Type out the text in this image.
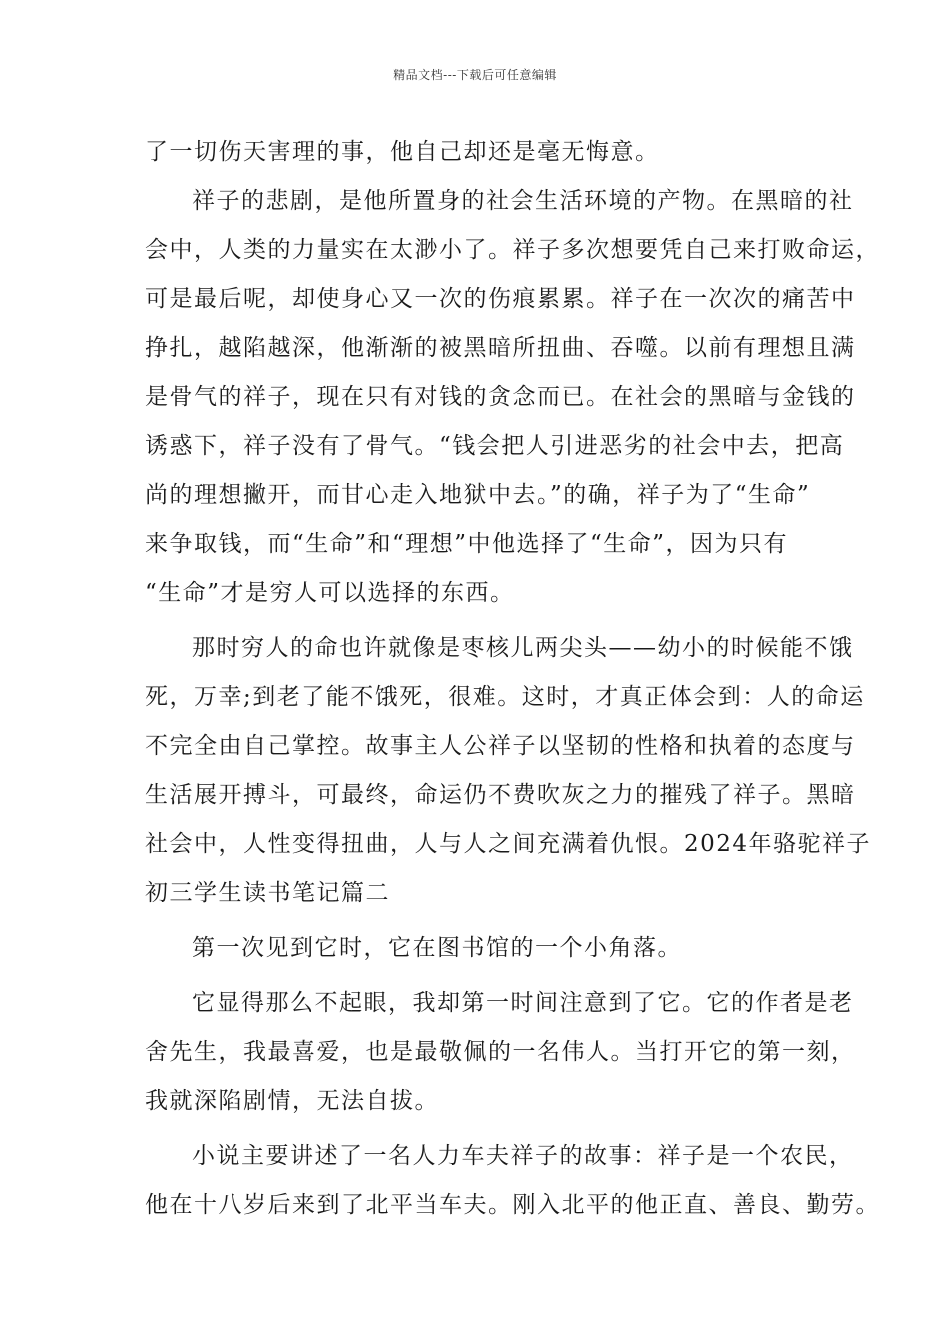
精品文档---下载后可任意编辑
了一切伤天害理的事，他自己却还是毫无悔意。
祥子的悲剧，是他所置身的社会生活环境的产物。在黑暗的社
会中，人类的力量实在太渺小了。祥子多次想要凭自己来打败命运，
可是最后呢，却使身心又一次的伤痕累累。祥子在一次次的痛苦中
挣扎，越陷越深，他渐渐的被黑暗所扭曲、吞噬。以前有理想且满
是骨气的祥子，现在只有对钱的贪念而已。在社会的黑暗与金钱的
诱惑下，祥子没有了骨气。“钱会把人引进恶劣的社会中去，把高
尚的理想撇开，而甘心走入地狱中去。”的确，祥子为了“生命”
来争取钱，而“生命”和“理想”中他选择了“生命”，因为只有
“生命”才是穷人可以选择的东西。
那时穷人的命也许就像是枣核儿两尖头——幼小的时候能不饿
死，万幸;到老了能不饿死，很难。这时，才真正体会到：人的命运
不完全由自己掌控。故事主人公祥子以坚韧的性格和执着的态度与
生活展开搏斗，可最终，命运仍不费吹灰之力的摧残了祥子。黑暗
社会中，人性变得扭曲，人与人之间充满着仇恨。2024年骆驼祥子
初三学生读书笔记篇二
第一次见到它时，它在图书馆的一个小角落。
它显得那么不起眼，我却第一时间注意到了它。它的作者是老
舍先生，我最喜爱，也是最敬佩的一名伟人。当打开它的第一刻，
我就深陷剧情，无法自拔。
小说主要讲述了一名人力车夫祥子的故事：祥子是一个农民，
他在十八岁后来到了北平当车夫。刚入北平的他正直、善良、勤劳。
